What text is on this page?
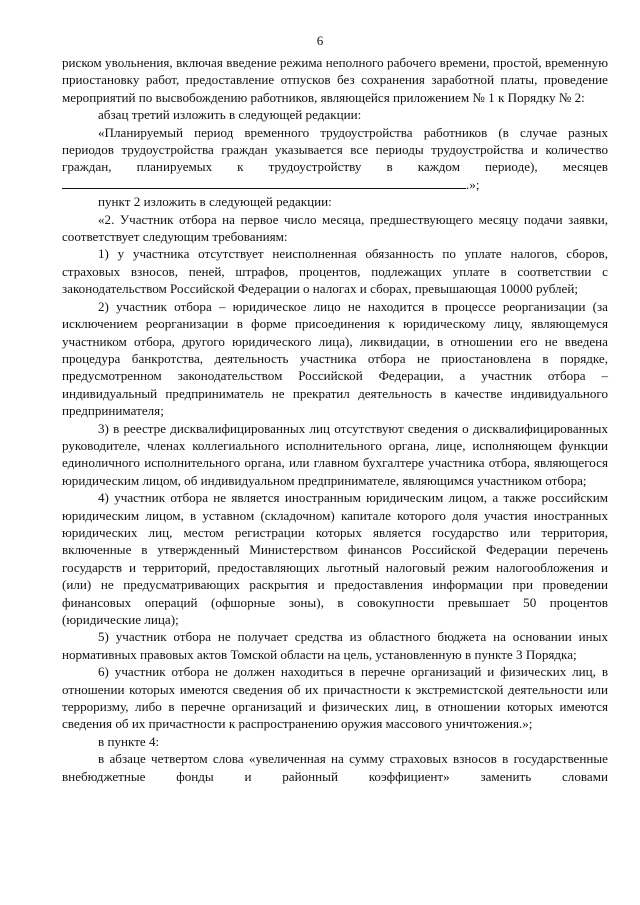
6

риском увольнения, включая введение режима неполного рабочего времени, простой, временную приостановку работ, предоставление отпусков без сохранения заработной платы, проведение мероприятий по высвобождению работников, являющейся приложением № 1 к Порядку № 2:

абзац третий изложить в следующей редакции:

«Планируемый период временного трудоустройства работников (в случае разных периодов трудоустройства граждан указывается все периоды трудоустройства и количество граждан, планируемых к трудоустройству в каждом периоде), месяцев

.»;

пункт 2 изложить в следующей редакции:

«2. Участник отбора на первое число месяца, предшествующего месяцу подачи заявки, соответствует следующим требованиям:

1) у участника отсутствует неисполненная обязанность по уплате налогов, сборов, страховых взносов, пеней, штрафов, процентов, подлежащих уплате в соответствии с законодательством Российской Федерации о налогах и сборах, превышающая 10000 рублей;

2) участник отбора – юридическое лицо не находится в процессе реорганизации (за исключением реорганизации в форме присоединения к юридическому лицу, являющемуся участником отбора, другого юридического лица), ликвидации, в отношении его не введена процедура банкротства, деятельность участника отбора не приостановлена в порядке, предусмотренном законодательством Российской Федерации, а участник отбора – индивидуальный предприниматель не прекратил деятельность в качестве индивидуального предпринимателя;

3) в реестре дисквалифицированных лиц отсутствуют сведения о дисквалифицированных руководителе, членах коллегиального исполнительного органа, лице, исполняющем функции единоличного исполнительного органа, или главном бухгалтере участника отбора, являющегося юридическим лицом, об индивидуальном предпринимателе, являющимся участником отбора;

4) участник отбора не является иностранным юридическим лицом, а также российским юридическим лицом, в уставном (складочном) капитале которого доля участия иностранных юридических лиц, местом регистрации которых является государство или территория, включенные в утвержденный Министерством финансов Российской Федерации перечень государств и территорий, предоставляющих льготный налоговый режим налогообложения и (или) не предусматривающих раскрытия и предоставления информации при проведении финансовых операций (офшорные зоны), в совокупности превышает 50 процентов (юридические лица);

5) участник отбора не получает средства из областного бюджета на основании иных нормативных правовых актов Томской области на цель, установленную в пункте 3 Порядка;

6) участник отбора не должен находиться в перечне организаций и физических лиц, в отношении которых имеются сведения об их причастности к экстремистской деятельности или терроризму, либо в перечне организаций и физических лиц, в отношении которых имеются сведения об их причастности к распространению оружия массового уничтожения.»;

в пункте 4:

в абзаце четвертом слова «увеличенная на сумму страховых взносов в государственные внебюджетные фонды и районный коэффициент» заменить словами
